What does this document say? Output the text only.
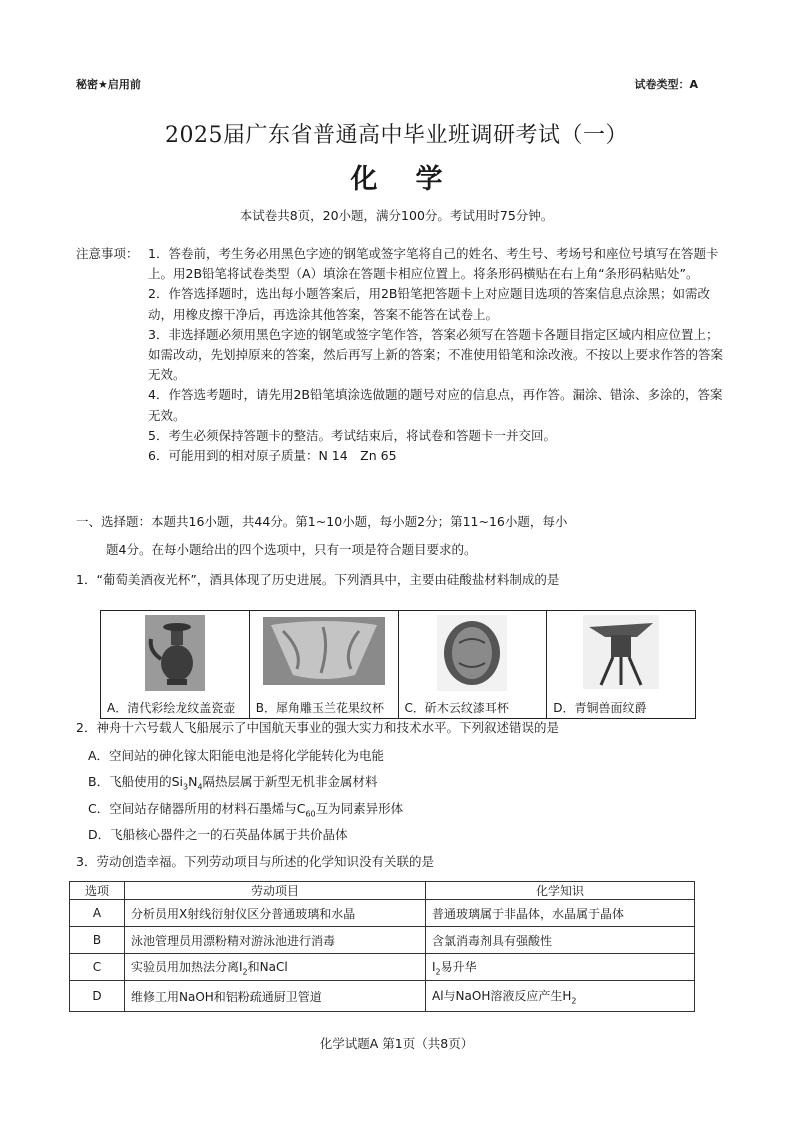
秘密★启用前	试卷类型：A
2025届广东省普通高中毕业班调研考试（一）
化学
本试卷共8页，20小题，满分100分。考试用时75分钟。
注意事项： 1．答卷前，考生务必用黑色字迹的钢笔或签字笔将自己的姓名、考生号、考场号和座位号填写在答题卡上。用2B铅笔将试卷类型（A）填涂在答题卡相应位置上。将条形码横贴在右上角“条形码粘贴处”。

2．作答选择题时，选出每小题答案后，用2B铅笔把答题卡上对应题目选项的答案信息点涂黑；如需改动，用橡皮擦干净后，再选涂其他答案，答案不能答在试卷上。

3．非选择题必须用黑色字迹的钢笔或签字笔作答，答案必须写在答题卡各题目指定区域内相应位置上；如需改动，先划掉原来的答案，然后再写上新的答案；不准使用铅笔和涂改液。不按以上要求作答的答案无效。

4．作答选考题时，请先用2B铅笔填涂选做题的题号对应的信息点，再作答。漏涂、错涂、多涂的，答案无效。

5．考生必须保持答题卡的整洁。考试结束后，将试卷和答题卡一并交回。

6．可能用到的相对原子质量：N 14　Zn 65

一、选择题：本题共16小题，共44分。第1~10小题，每小题2分；第11~16小题，每小
题4分。在每小题给出的四个选项中，只有一项是符合题目要求的。
1．“葡萄美酒夜光杯”，酒具体现了历史进展。下列酒具中，主要由硅酸盐材料制成的是
A．清代彩绘龙纹盖瓷壶	B．犀角雕玉兰花果纹杯	C．斫木云纹漆耳杯	D．青铜兽面纹爵
2．神舟十六号载人飞船展示了中国航天事业的强大实力和技术水平。下列叙述错误的是
A．空间站的砷化镓太阳能电池是将化学能转化为电能
B．飞船使用的$Si_3N_4$隔热层属于新型无机非金属材料
C．空间站存储器所用的材料石墨烯与$C_{60}$互为同素异形体
D．飞船核心器件之一的石英晶体属于共价晶体
3．劳动创造幸福。下列劳动项目与所述的化学知识没有关联的是
选项	劳动项目	化学知识
A	分析员用X射线衍射仪区分普通玻璃和水晶	普通玻璃属于非晶体，水晶属于晶体
B	泳池管理员用漂粉精对游泳池进行消毒	含氯消毒剂具有强酸性
C	实验员用加热法分离$I_2$和NaCl	$I_2$易升华
D	维修工用NaOH和铝粉疏通厨卫管道	Al与NaOH溶液反应产生$H_2$
化学试题A 第1页（共8页）
